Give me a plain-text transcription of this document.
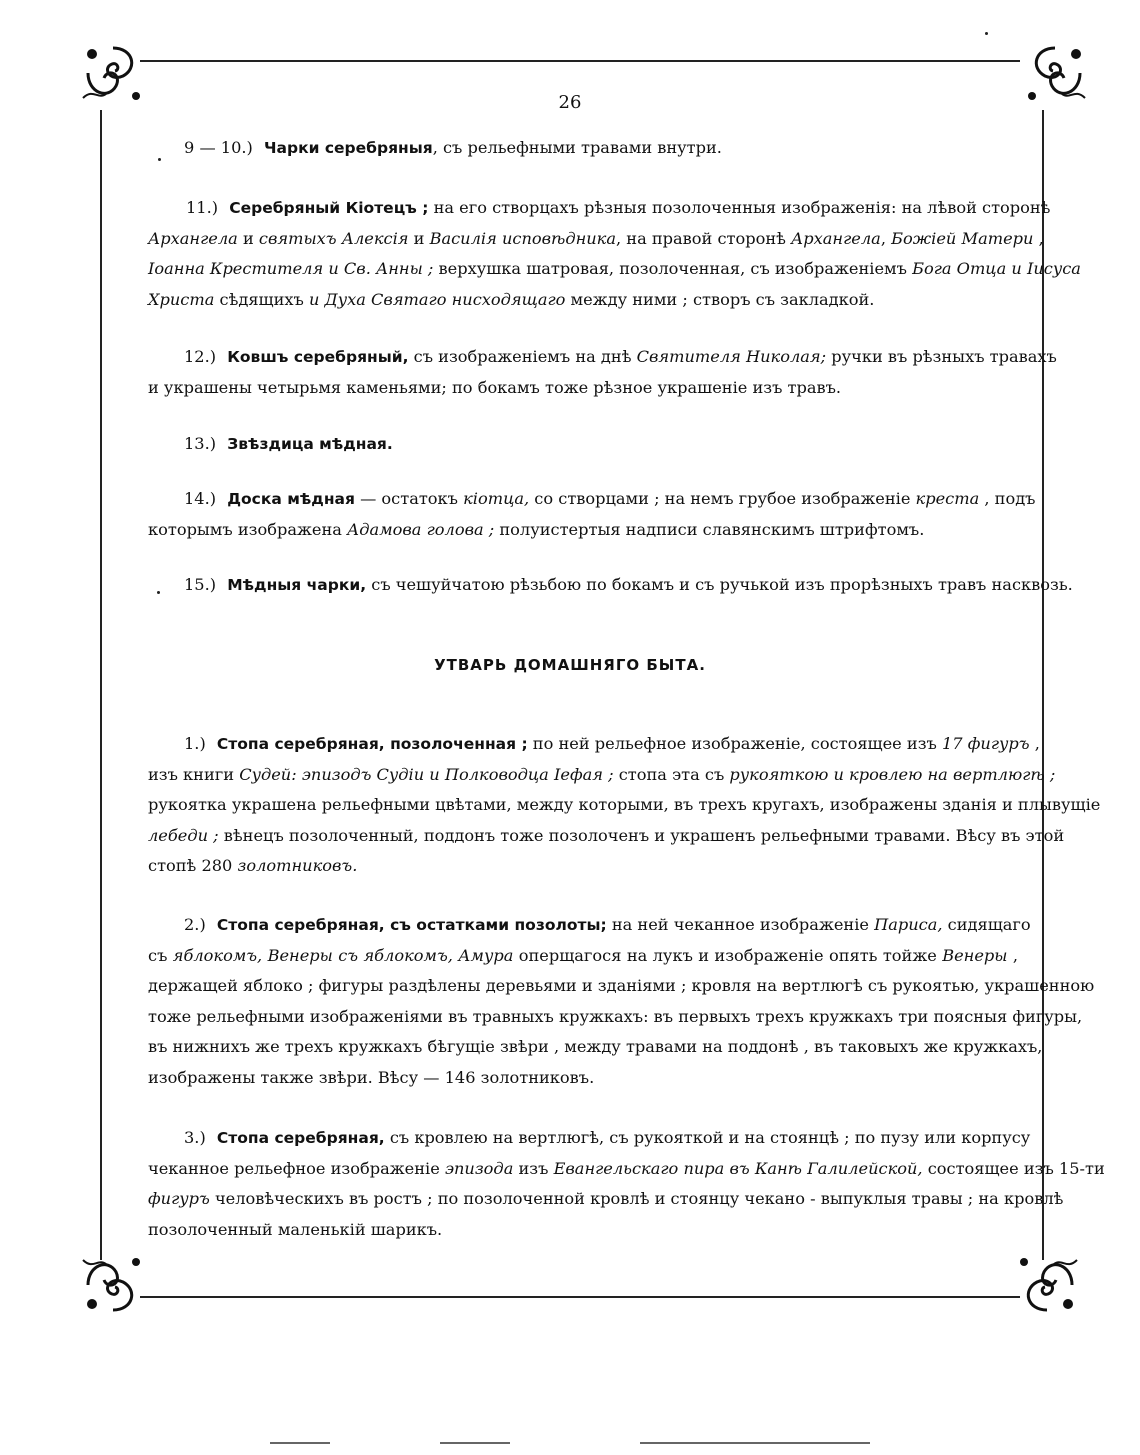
26
9 — 10.) Чарки серебряныя, съ рельефными травами внутри.
11.) Серебряный Кіотецъ ; на его створцахъ рѣзныя позолоченныя изображенія: на лѣвой сторонѣ
Архангела и святыхъ Алексія и Василія исповѣдника, на правой сторонѣ Архангела, Божіей Матери ,
Іоанна Крестителя и Св. Анны ; верхушка шатровая, позолоченная, съ изображеніемъ Бога Отца и Іисуса
Христа сѣдящихъ и Духа Святаго нисходящаго между ними ; створъ съ закладкой.
12.) Ковшъ серебряный, съ изображеніемъ на днѣ Святителя Николая; ручки въ рѣзныхъ травахъ
и украшены четырьмя каменьями; по бокамъ тоже рѣзное украшеніе изъ травъ.
13.) Звѣздица мѣдная.
14.) Доска мѣдная — остатокъ кіотца, со створцами ; на немъ грубое изображеніе креста , подъ
которымъ изображена Адамова голова ; полуистертыя надписи славянскимъ штрифтомъ.
15.) Мѣдныя чарки, съ чешуйчатою рѣзьбою по бокамъ и съ ручькой изъ прорѣзныхъ травъ насквозь.
1.) Стопа серебряная, позолоченная ; по ней рельефное изображеніе, состоящее изъ 17 фигуръ ,
изъ книги Судей: эпизодъ Судіи и Полководца Іефая ; стопа эта съ рукояткою и кровлею на вертлюгѣ ;
рукоятка украшена рельефными цвѣтами, между которыми, въ трехъ кругахъ, изображены зданія и плывущіе
лебеди ; вѣнецъ позолоченный, поддонъ тоже позолоченъ и украшенъ рельефными травами. Вѣсу въ этой
стопѣ 280 золотниковъ.
2.) Стопа серебряная, съ остатками позолоты; на ней чеканное изображеніе Париса, сидящаго
съ яблокомъ, Венеры съ яблокомъ, Амура оперщагося на лукъ и изображеніе опять тойже Венеры ,
держащей яблоко ; фигуры раздѣлены деревьями и зданіями ; кровля на вертлюгѣ съ рукоятью, украшенною
тоже рельефными изображеніями въ травныхъ кружкахъ: въ первыхъ трехъ кружкахъ три поясныя фигуры,
въ нижнихъ же трехъ кружкахъ бѣгущіе звѣри , между травами на поддонѣ , въ таковыхъ же кружкахъ,
изображены также звѣри. Вѣсу — 146 золотниковъ.
3.) Стопа серебряная, съ кровлею на вертлюгѣ, съ рукояткой и на стоянцѣ ; по пузу или корпусу
чеканное рельефное изображеніе эпизода изъ Евангельскаго пира въ Канѣ Галилейской, состоящее изъ 15-ти
фигуръ человѣческихъ въ ростъ ; по позолоченной кровлѣ и стоянцу чекано - выпуклыя травы ; на кровлѣ
позолоченный маленькій шарикъ.
УТВАРЬ ДОМАШНЯГО БЫТА.
